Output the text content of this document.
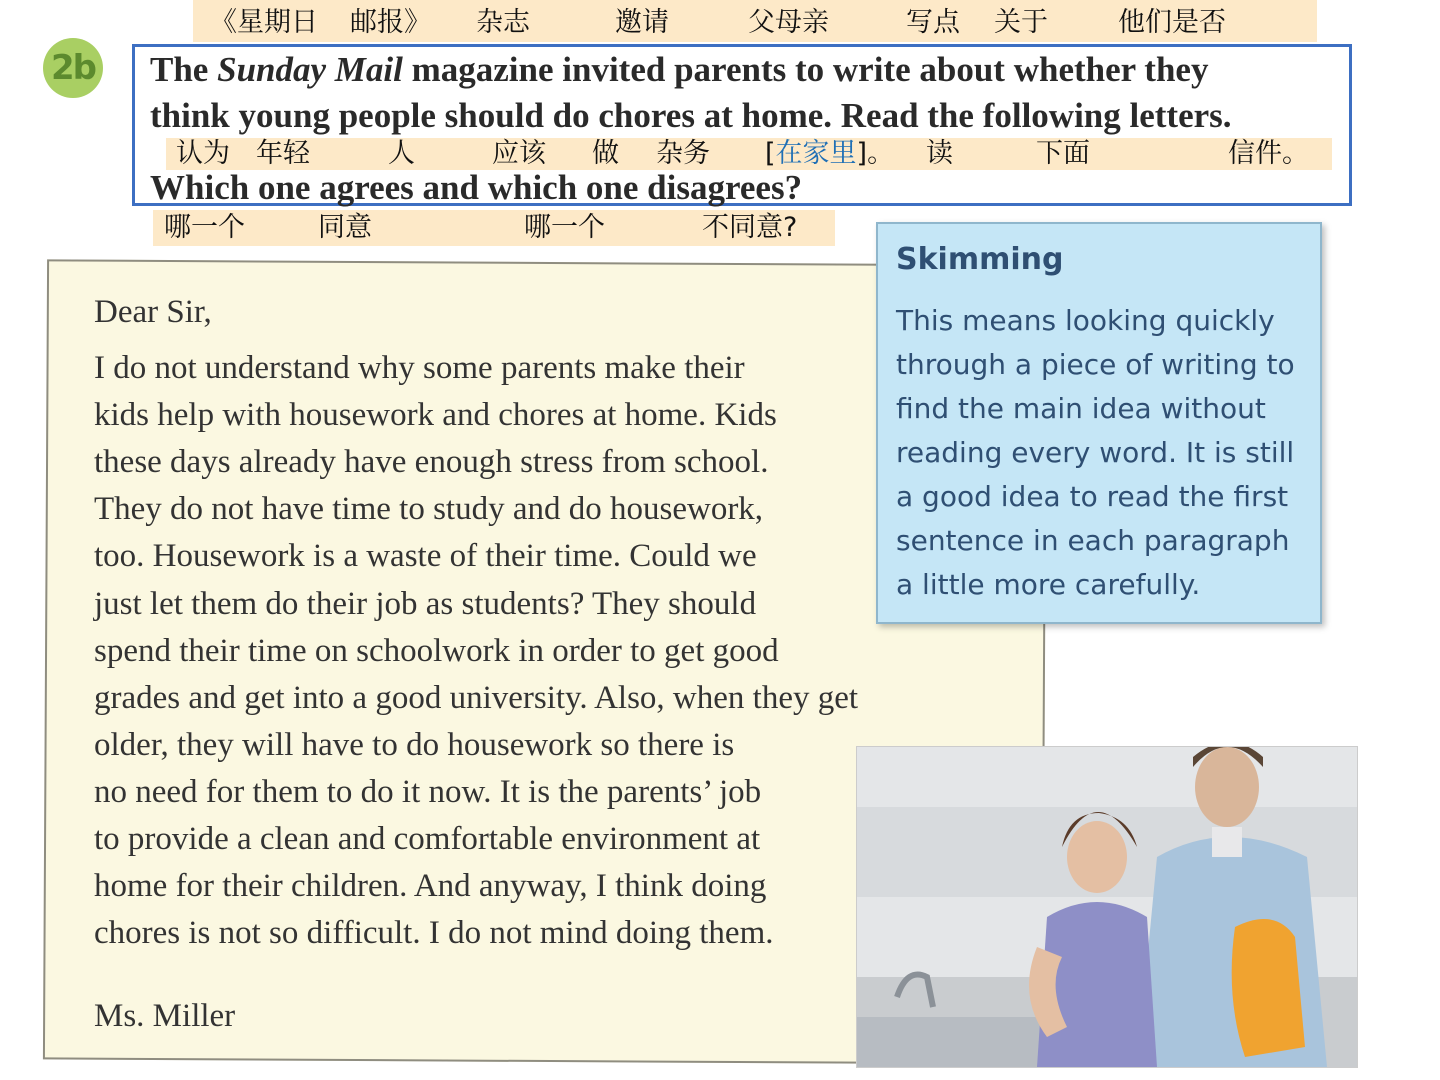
《星期日 邮报》 杂志	邀请	父母亲	写点 关于	他们是否
2b The Sunday Mail magazine invited parents to write about whether they
think young people should do chores at home. Read the following letters.
认为 年轻	人	应该 做 杂务 [在家里]。 读	下面	信件。
Which one agrees and which one disagrees?
哪一个	同意	哪一个	不同意?
Dear Sir,
I do not understand why some parents make their
kids help with housework and chores at home. Kids
these days already have enough stress from school.
They do not have time to study and do housework,
too. Housework is a waste of their time. Could we
just let them do their job as students? They should
spend their time on schoolwork in order to get good
grades and get into a good university. Also, when they get
older, they will have to do housework so there is
no need for them to do it now. It is the parents’ job
to provide a clean and comfortable environment at
home for their children. And anyway, I think doing
chores is not so difficult. I do not mind doing them.
Ms. Miller
Skimming
This means looking quickly
through a piece of writing to
find the main idea without
reading every word. It is still
a good idea to read the first
sentence in each paragraph
a little more carefully.
